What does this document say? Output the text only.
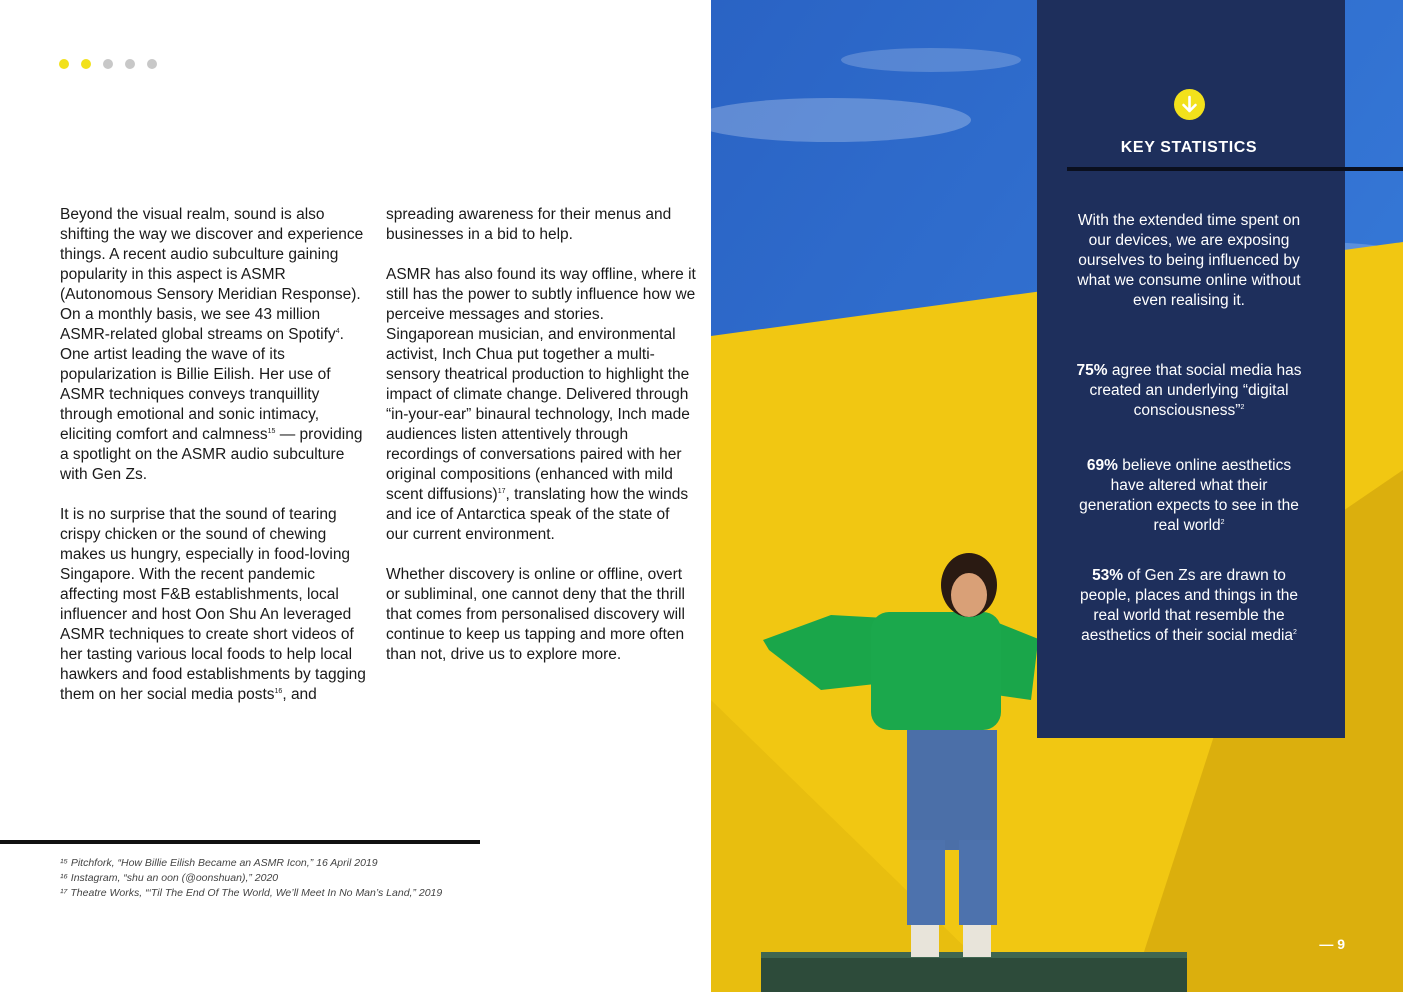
Beyond the visual realm, sound is also shifting the way we discover and experience things. A recent audio subculture gaining popularity in this aspect is ASMR (Autonomous Sensory Meridian Response). On a monthly basis, we see 43 million ASMR-related global streams on Spotify$^4$. One artist leading the wave of its popularization is Billie Eilish. Her use of ASMR techniques conveys tranquillity through emotional and sonic intimacy, eliciting comfort and calmness$^{15}$ — providing a spotlight on the ASMR audio subculture with Gen Zs.

It is no surprise that the sound of tearing crispy chicken or the sound of chewing makes us hungry, especially in food-loving Singapore. With the recent pandemic affecting most F&B establishments, local influencer and host Oon Shu An leveraged ASMR techniques to create short videos of her tasting various local foods to help local hawkers and food establishments by tagging them on her social media posts$^{16}$, and

spreading awareness for their menus and businesses in a bid to help.

ASMR has also found its way offline, where it still has the power to subtly influence how we perceive messages and stories. Singaporean musician, and environmental activist, Inch Chua put together a multi-sensory theatrical production to highlight the impact of climate change. Delivered through “in-your-ear” binaural technology, Inch made audiences listen attentively through recordings of conversations paired with her original compositions (enhanced with mild scent diffusions)$^{17}$, translating how the winds and ice of Antarctica speak of the state of our current environment.

Whether discovery is online or offline, overt or subliminal, one cannot deny that the thrill that comes from personalised discovery will continue to keep us tapping and more often than not, drive us to explore more.

¹⁵ Pitchfork, “How Billie Eilish Became an ASMR Icon,” 16 April 2019
¹⁶ Instagram, “shu an oon (@oonshuan),” 2020
¹⁷ Theatre Works, “‘Til The End Of The World, We’ll Meet In No Man’s Land,” 2019
KEY STATISTICS
With the extended time spent on our devices, we are exposing ourselves to being influenced by what we consume online without even realising it.
75% agree that social media has created an underlying “digital consciousness”$^2$
69% believe online aesthetics have altered what their generation expects to see in the real world$^2$
53% of Gen Zs are drawn to people, places and things in the real world that resemble the aesthetics of their social media$^2$
— 9
